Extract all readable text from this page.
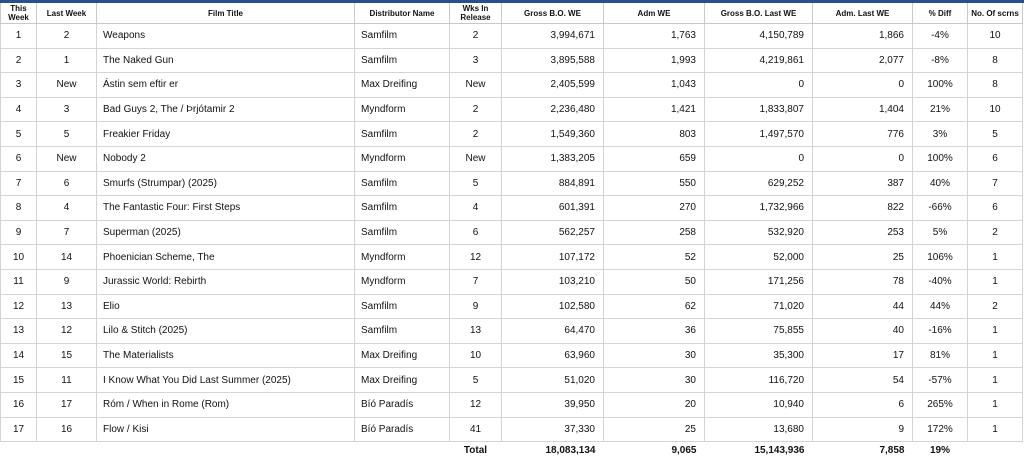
This Week	Last Week	Film Title	Distributor Name	Wks In Release	Gross B.O. WE	Adm WE	Gross B.O. Last WE	Adm. Last WE	% Diff	No. Of scrns
1	2	Weapons	Samfilm	2	3,994,671	1,763	4,150,789	1,866	-4%	10
2	1	The Naked Gun	Samfilm	3	3,895,588	1,993	4,219,861	2,077	-8%	8
3	New	Ástin sem eftir er	Max Dreifing	New	2,405,599	1,043	0	0	100%	8
4	3	Bad Guys 2, The / Þrjótamir 2	Myndform	2	2,236,480	1,421	1,833,807	1,404	21%	10
5	5	Freakier Friday	Samfilm	2	1,549,360	803	1,497,570	776	3%	5
6	New	Nobody 2	Myndform	New	1,383,205	659	0	0	100%	6
7	6	Smurfs (Strumpar) (2025)	Samfilm	5	884,891	550	629,252	387	40%	7
8	4	The Fantastic Four: First Steps	Samfilm	4	601,391	270	1,732,966	822	-66%	6
9	7	Superman (2025)	Samfilm	6	562,257	258	532,920	253	5%	2
10	14	Phoenician Scheme, The	Myndform	12	107,172	52	52,000	25	106%	1
11	9	Jurassic World: Rebirth	Myndform	7	103,210	50	171,256	78	-40%	1
12	13	Elio	Samfilm	9	102,580	62	71,020	44	44%	2
13	12	Lilo & Stitch (2025)	Samfilm	13	64,470	36	75,855	40	-16%	1
14	15	The Materialists	Max Dreifing	10	63,960	30	35,300	17	81%	1
15	11	I Know What You Did Last Summer (2025)	Max Dreifing	5	51,020	30	116,720	54	-57%	1
16	17	Róm / When in Rome (Rom)	Bíó Paradís	12	39,950	20	10,940	6	265%	1
17	16	Flow / Kisi	Bíó Paradís	41	37,330	25	13,680	9	172%	1
				Total	18,083,134	9,065	15,143,936	7,858	19%	
